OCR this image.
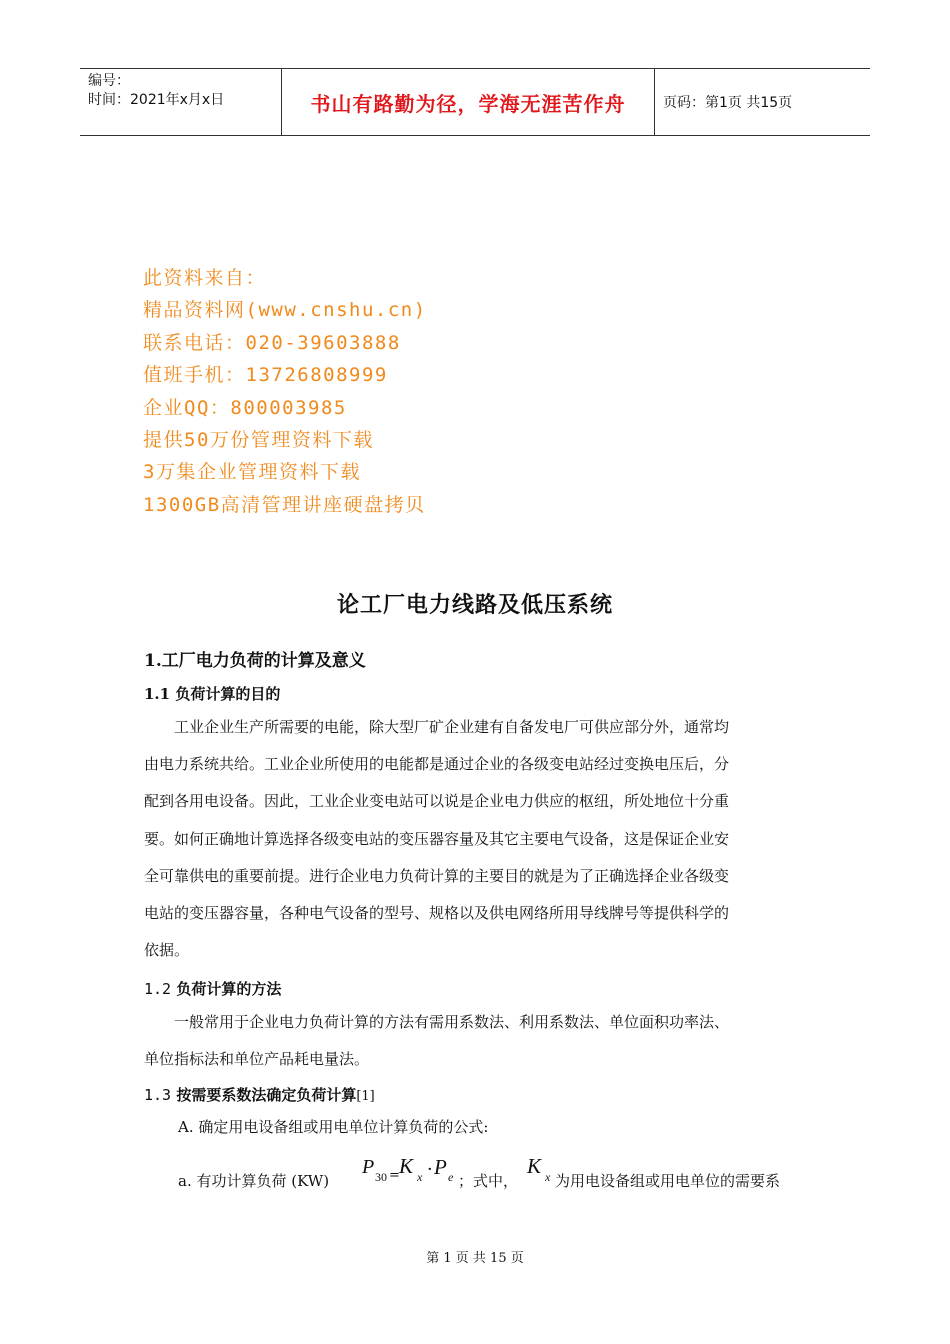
编号：
时间：2021年x月x日	书山有路勤为径，学海无涯苦作舟	页码：第1页 共15页
此资料来自：
精品资料网(www.cnshu.cn)
联系电话：020-39603888
值班手机：13726808999
企业QQ：800003985
提供50万份管理资料下载
3万集企业管理资料下载
1300GB高清管理讲座硬盘拷贝
论工厂电力线路及低压系统
1.工厂电力负荷的计算及意义
1.1 负荷计算的目的
　　工业企业生产所需要的电能，除大型厂矿企业建有自备发电厂可供应部分外，通常均
由电力系统共给。工业企业所使用的电能都是通过企业的各级变电站经过变换电压后，分
配到各用电设备。因此，工业企业变电站可以说是企业电力供应的枢纽，所处地位十分重
要。如何正确地计算选择各级变电站的变压器容量及其它主要电气设备，这是保证企业安
全可靠供电的重要前提。进行企业电力负荷计算的主要目的就是为了正确选择企业各级变
电站的变压器容量，各种电气设备的型号、规格以及供电网络所用导线牌号等提供科学的
依据。
1.2 负荷计算的方法
　　一般常用于企业电力负荷计算的方法有需用系数法、利用系数法、单位面积功率法、
单位指标法和单位产品耗电量法。
1.3 按需要系数法确定负荷计算[1]
A. 确定用电设备组或用电单位计算负荷的公式:
a. 有功计算负荷 (KW)
P 30 = K x · P e ；式中，
K x 为用电设备组或用电单位的需要系
第 1 页 共 15 页
